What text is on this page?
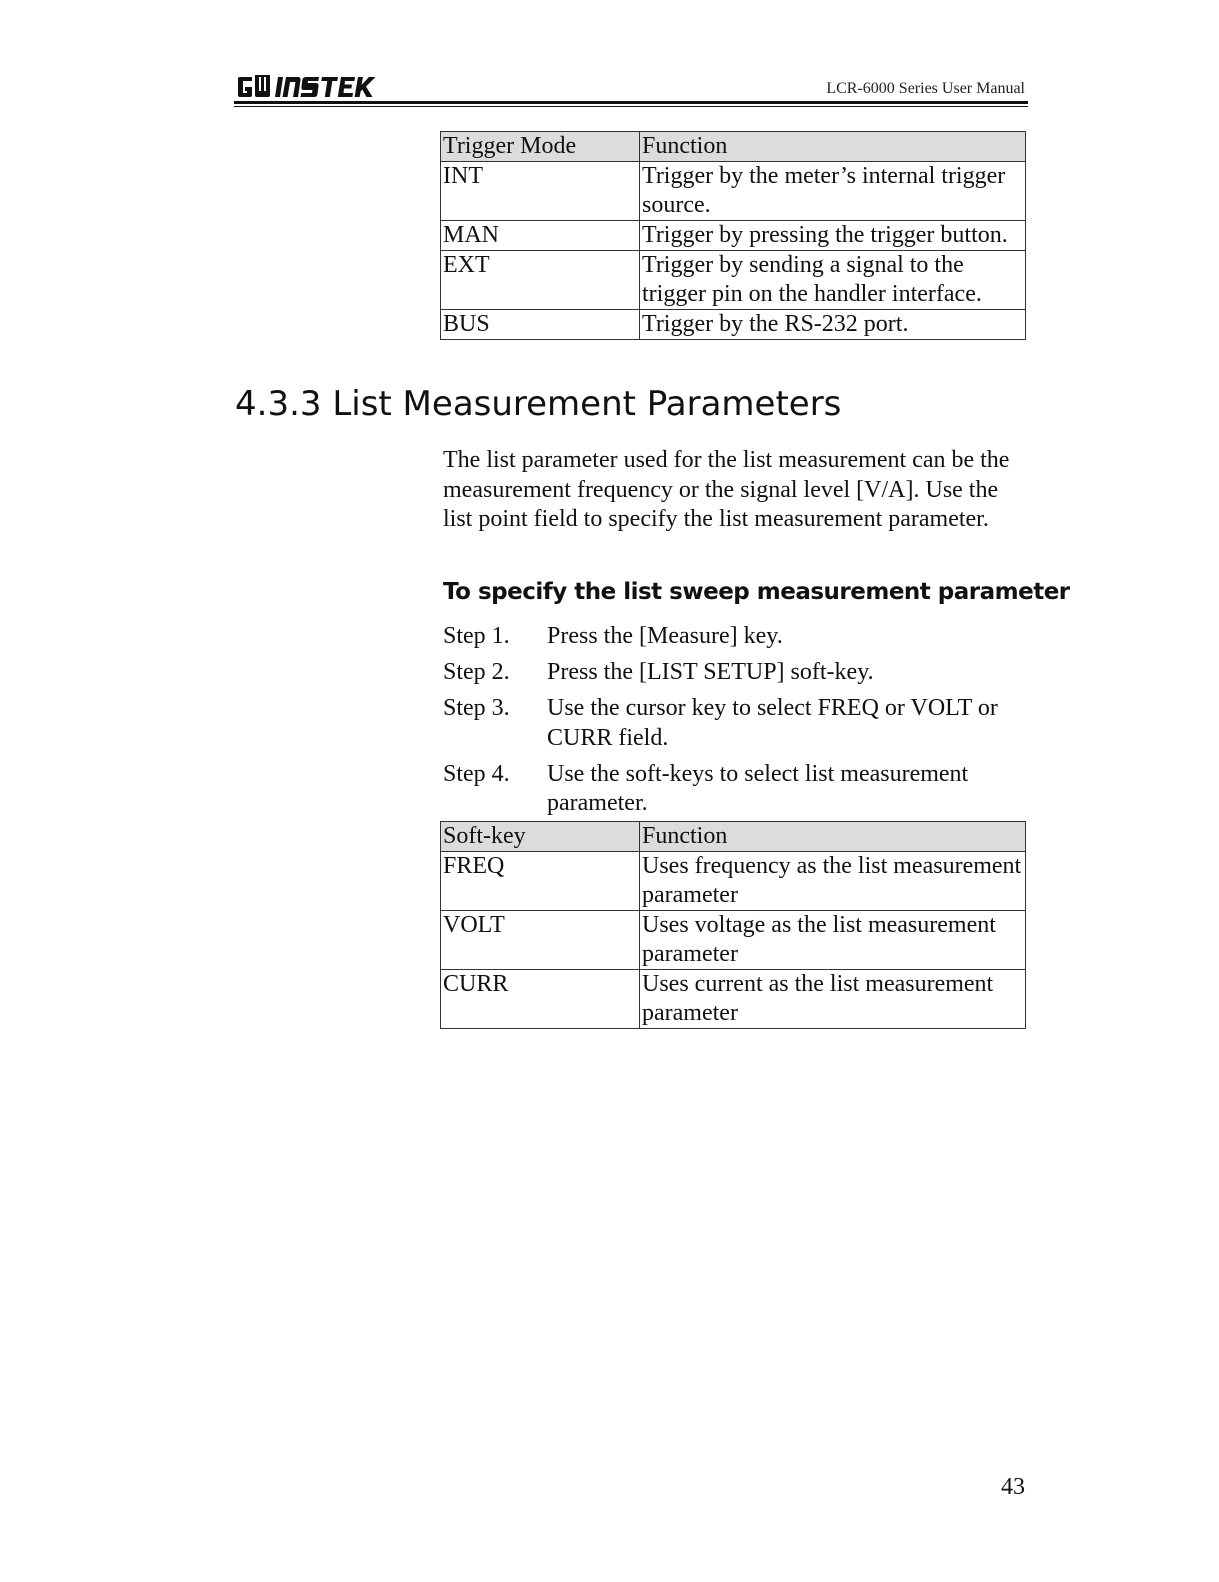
LCR-6000 Series User Manual
Trigger Mode	Function
INT	Trigger by the meter’s internal trigger source.
MAN	Trigger by pressing the trigger button.
EXT	Trigger by sending a signal to the trigger pin on the handler interface.
BUS	Trigger by the RS-232 port.
4.3.3 List Measurement Parameters

The list parameter used for the list measurement can be the measurement frequency or the signal level [V/A]. Use the list point field to specify the list measurement parameter.

To specify the list sweep measurement parameter
Step 1.	Press the [Measure] key.
Step 2.	Press the [LIST SETUP] soft-key.
Step 3.	Use the cursor key to select FREQ or VOLT or CURR field.
Step 4.	Use the soft-keys to select list measurement parameter.
Soft-key	Function
FREQ	Uses frequency as the list measurement parameter
VOLT	Uses voltage as the list measurement parameter
CURR	Uses current as the list measurement parameter
43
